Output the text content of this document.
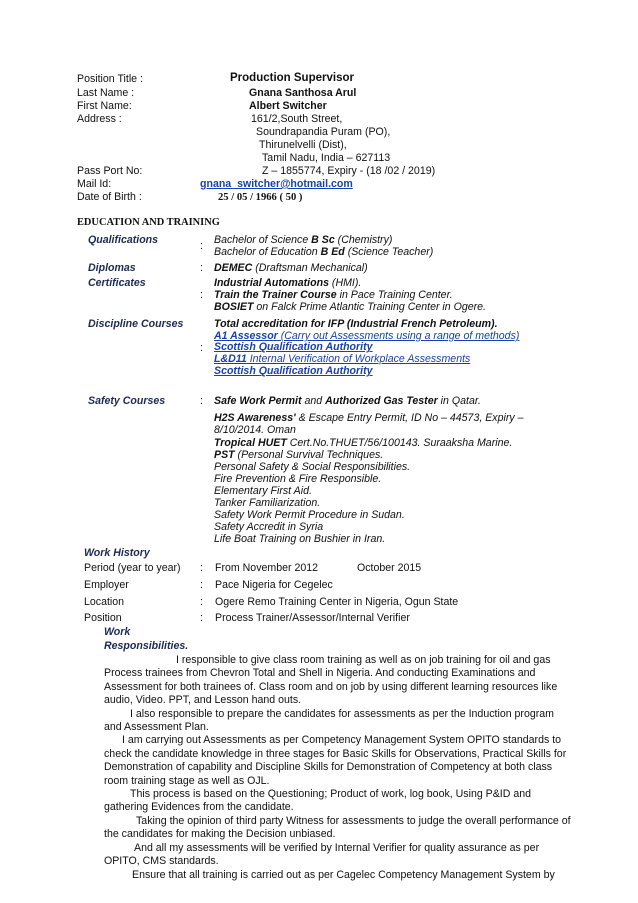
Position Title :	Production Supervisor
Last Name :	Gnana Santhosa Arul
First Name:	Albert Switcher
Address :	161/2,South Street,
Soundrapandia Puram (PO),
Thirunelvelli (Dist),
Tamil Nadu, India – 627113
Pass Port No:	Z – 1855774, Expiry - (18 /02 / 2019)
Mail Id:	gnana_switcher@hotmail.com
Date of Birth :	25 / 05 / 1966 ( 50 )
EDUCATION AND TRAINING
Qualifications	: Bachelor of Science B Sc (Chemistry)
Bachelor of Education B Ed (Science Teacher)
Diplomas	: DEMEC (Draftsman Mechanical)
Certificates
:
Industrial Automations (HMI).
Train the Trainer Course in Pace Training Center.
BOSIET on Falck Prime Atlantic Training Center in Ogere.
Discipline Courses
:
Total accreditation for IFP (Industrial French Petroleum).
A1 Assessor (Carry out Assessments using a range of methods)
Scottish Qualification Authority
L&D11 Internal Verification of Workplace Assessments
Scottish Qualification Authority
Safety Courses	: Safe Work Permit and Authorized Gas Tester in Qatar.
H2S Awareness' & Escape Entry Permit, ID No – 44573, Expiry –
8/10/2014. Oman
Tropical HUET Cert.No.THUET/56/100143. Suraaksha Marine.
PST (Personal Survival Techniques.
Personal Safety & Social Responsibilities.
Fire Prevention & Fire Responsible.
Elementary First Aid.
Tanker Familiarization.
Safety Work Permit Procedure in Sudan.
Safety Accredit in Syria
Life Boat Training on Bushier in Iran.
Work History
Period (year to year) : From November 2012	October 2015
Employer	: Pace Nigeria for Cegelec
Location	: Ogere Remo Training Center in Nigeria, Ogun State
Position	: Process Trainer/Assessor/Internal Verifier
Work
Responsibilities.

I responsible to give class room training as well as on job training for oil and gas Process trainees from Chevron Total and Shell in Nigeria. And conducting Examinations and Assessment for both trainees of. Class room and on job by using different learning resources like audio, Video. PPT, and Lesson hand outs.

I also responsible to prepare the candidates for assessments as per the Induction program and Assessment Plan.

I am carrying out Assessments as per Competency Management System OPITO standards to check the candidate knowledge in three stages for Basic Skills for Observations, Practical Skills for Demonstration of capability and Discipline Skills for Demonstration of Competency at both class room training stage as well as OJL.

This process is based on the Questioning; Product of work, log book, Using P&ID and gathering Evidences from the candidate.

Taking the opinion of third party Witness for assessments to judge the overall performance of the candidates for making the Decision unbiased.

And all my assessments will be verified by Internal Verifier for quality assurance as per OPITO, CMS standards.

Ensure that all training is carried out as per Cagelec Competency Management System by
